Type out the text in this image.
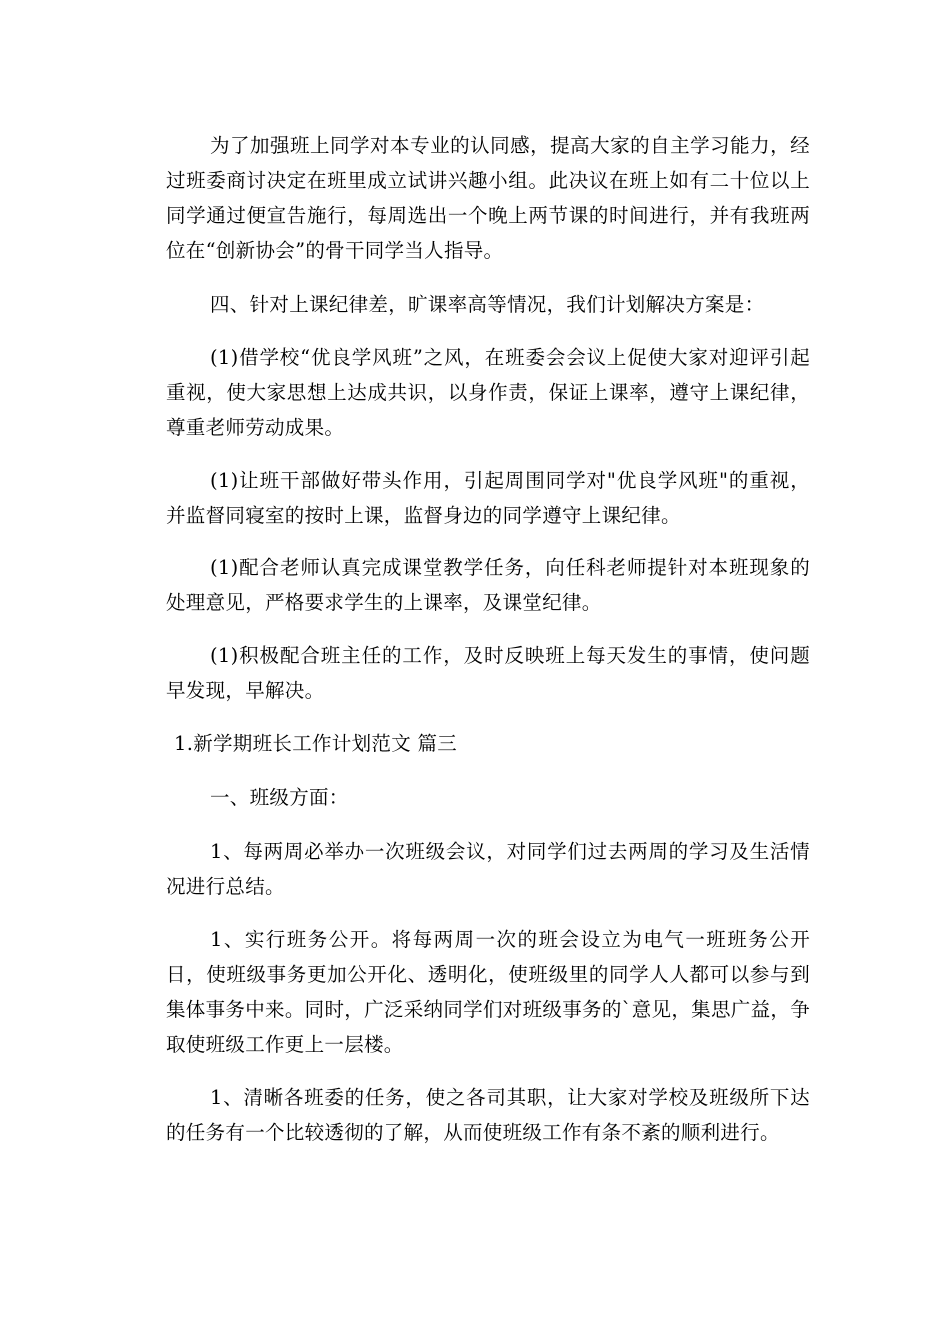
为了加强班上同学对本专业的认同感，提高大家的自主学习能力，经过班委商讨决定在班里成立试讲兴趣小组。此决议在班上如有二十位以上同学通过便宣告施行，每周选出一个晚上两节课的时间进行，并有我班两位在“创新协会”的骨干同学当人指导。

四、针对上课纪律差，旷课率高等情况，我们计划解决方案是：

(1)借学校“优良学风班”之风，在班委会会议上促使大家对迎评引起重视，使大家思想上达成共识，以身作责，保证上课率，遵守上课纪律，尊重老师劳动成果。

(1)让班干部做好带头作用，引起周围同学对"优良学风班"的重视，并监督同寝室的按时上课，监督身边的同学遵守上课纪律。

(1)配合老师认真完成课堂教学任务，向任科老师提针对本班现象的处理意见，严格要求学生的上课率，及课堂纪律。

(1)积极配合班主任的工作，及时反映班上每天发生的事情，使问题早发现，早解决。

1.新学期班长工作计划范文 篇三

一、班级方面：

1、每两周必举办一次班级会议，对同学们过去两周的学习及生活情况进行总结。

1、实行班务公开。将每两周一次的班会设立为电气一班班务公开日，使班级事务更加公开化、透明化，使班级里的同学人人都可以参与到集体事务中来。同时，广泛采纳同学们对班级事务的`意见，集思广益，争取使班级工作更上一层楼。

1、清晰各班委的任务，使之各司其职，让大家对学校及班级所下达的任务有一个比较透彻的了解，从而使班级工作有条不紊的顺利进行。
